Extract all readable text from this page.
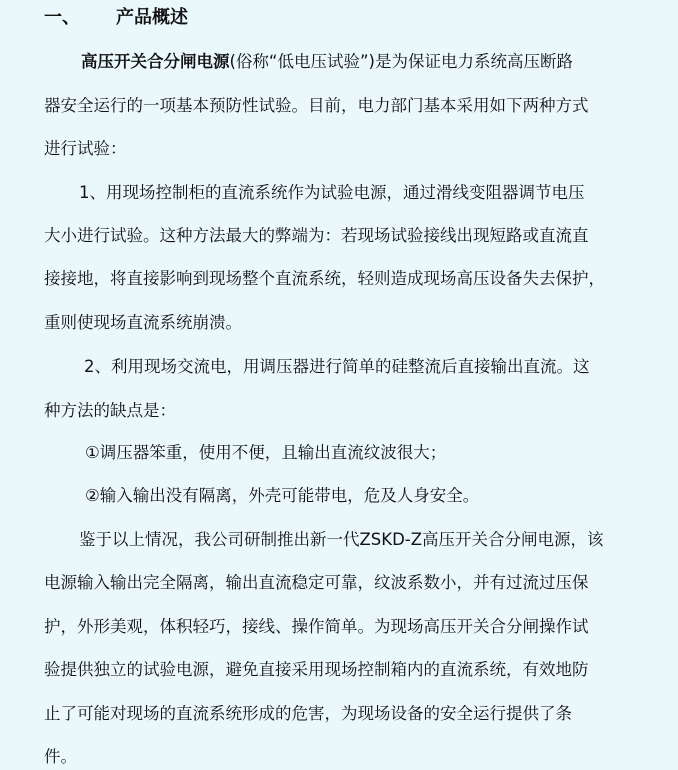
一、 产品概述
高压开关合分闸电源(俗称“低电压试验”)是为保证电力系统高压断路
器安全运行的一项基本预防性试验。目前，电力部门基本采用如下两种方式
进行试验：
1、用现场控制柜的直流系统作为试验电源，通过滑线变阻器调节电压
大小进行试验。这种方法最大的弊端为：若现场试验接线出现短路或直流直
接接地，将直接影响到现场整个直流系统，轻则造成现场高压设备失去保护，
重则使现场直流系统崩溃。
2、利用现场交流电，用调压器进行简单的硅整流后直接输出直流。这
种方法的缺点是：
①调压器笨重，使用不便，且输出直流纹波很大；
②输入输出没有隔离，外壳可能带电，危及人身安全。
鉴于以上情况，我公司研制推出新一代ZSKD-Z高压开关合分闸电源，该
电源输入输出完全隔离，输出直流稳定可靠，纹波系数小，并有过流过压保
护，外形美观，体积轻巧，接线、操作简单。为现场高压开关合分闸操作试
验提供独立的试验电源，避免直接采用现场控制箱内的直流系统，有效地防
止了可能对现场的直流系统形成的危害，为现场设备的安全运行提供了条
件。
